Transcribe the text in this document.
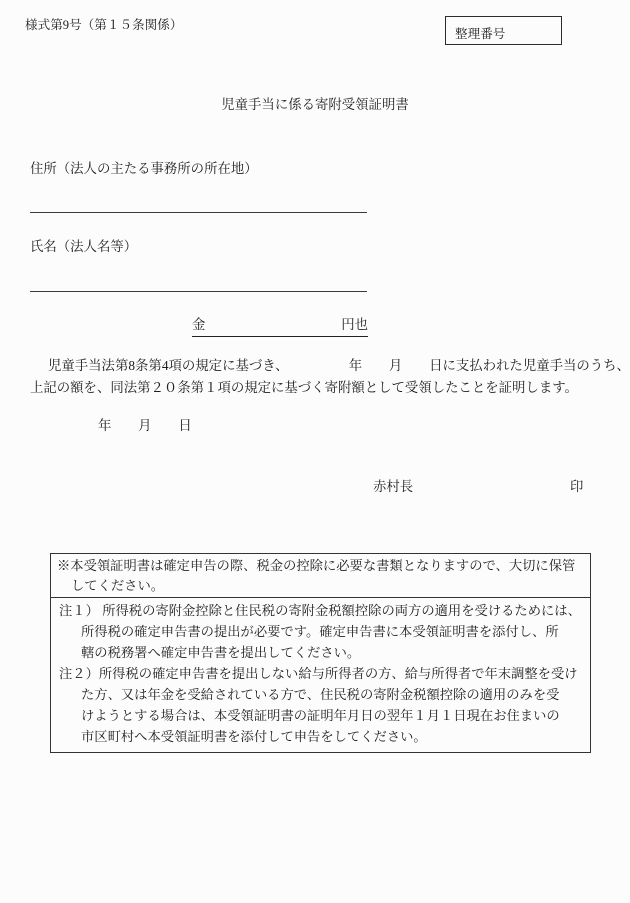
様式第9号（第１５条関係）
整理番号
児童手当に係る寄附受領証明書
住所（法人の主たる事務所の所在地）
氏名（法人名等）
金	円也
児童手当法第8条第4項の規定に基づき、　　　　　年　　月　　日に支払われた児童手当のうち、
上記の額を、同法第２０条第１項の規定に基づく寄附額として受領したことを証明します。
年　　月　　日
赤村長	印
※本受領証明書は確定申告の際、税金の控除に必要な書類となりますので、大切に保管
してください。
注１） 所得税の寄附金控除と住民税の寄附金税額控除の両方の適用を受けるためには、
所得税の確定申告書の提出が必要です。確定申告書に本受領証明書を添付し、所
轄の税務署へ確定申告書を提出してください。
注２）所得税の確定申告書を提出しない給与所得者の方、給与所得者で年末調整を受け
た方、又は年金を受給されている方で、住民税の寄附金税額控除の適用のみを受
けようとする場合は、本受領証明書の証明年月日の翌年１月１日現在お住まいの
市区町村へ本受領証明書を添付して申告をしてください。
